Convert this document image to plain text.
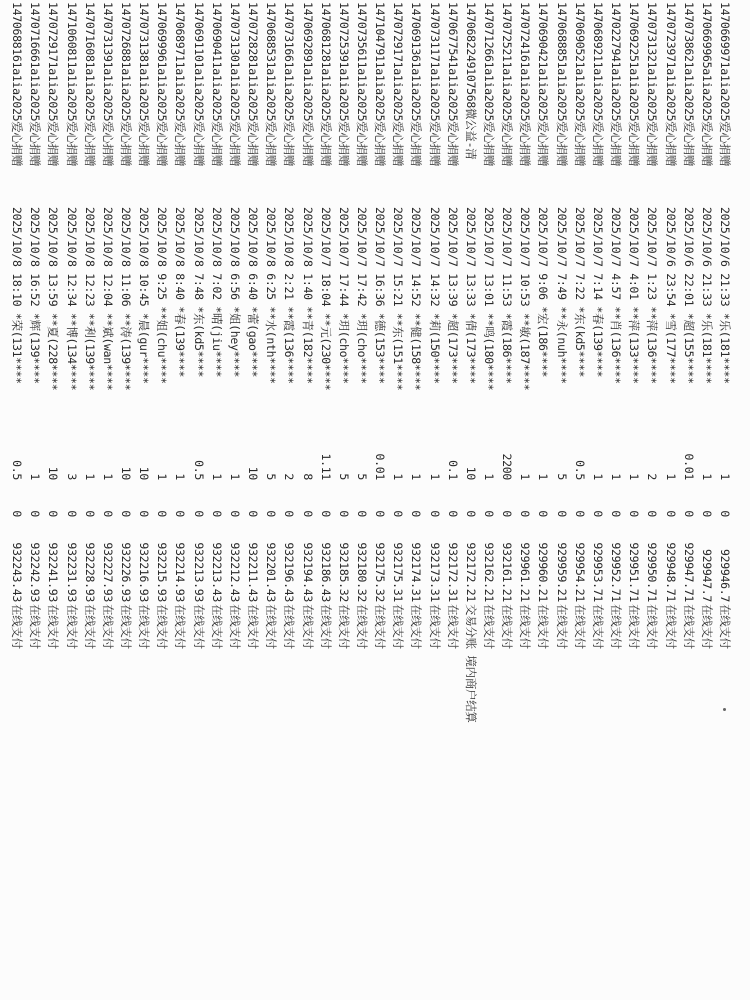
1470669971a1ia2025爱心捐赠
2025/10/6 21:33 *乐(181****
1
0
929946.7
在线支付
1470669965a1ia2025爱心捐赠
2025/10/6 21:33 *乐(181****
1
0
929947.7
在线支付
1470738621a1ia2025爱心捐赠
2025/10/6 22:01 *超(155****
0.01
0
929947.71
在线支付
1470723971a1ia2025爱心捐赠
2025/10/6 23:54 *雪(177****
1
0
929948.71
在线支付
1470731321a1ia2025爱心捐赠
2025/10/7 1:23 **萍(136****
2
0
929950.71
在线支付
1470692251a1ia2025爱心捐赠
2025/10/7 4:01 **萍(133****
1
0
929951.71
在线支付
1470227941a1ia2025爱心捐赠
2025/10/7 4:57 **肖(136****
1
0
929952.71
在线支付
1470689211a1ia2025爱心捐赠
2025/10/7 7:14 *春(139****
1
0
929953.71
在线支付
1470690521a1ia2025爱心捐赠
2025/10/7 7:22 *东(kd5****
0.5
0
929954.21
在线支付
1470688851a1ia2025爱心捐赠
2025/10/7 7:49 **永(nuh****
5
0
929959.21
在线支付
1470690421a1ia2025爱心捐赠
2025/10/7 9:06 *宏(186****
1
0
929960.21
在线支付
1470724161a1ia2025爱心捐赠
2025/10/7 10:53 **敏(187****
1
0
929961.21
在线支付
1470725211a1ia2025爱心捐赠
2025/10/7 11:53 *霞(186****
2200
0
932161.21
在线支付
1470712661a1ia2025爱心捐赠
2025/10/7 13:01 **鸣(180****
1
0
932162.21
在线支付
1470682249107568微公益-清
2025/10/7 13:33 *倩(173****
10
0
932172.21
交易分账 境内商户结算
1470677541a1ia2025爱心捐赠
2025/10/7 13:39 *超(173****
0.1
0
932172.31
在线支付
1470731171a1ia2025爱心捐赠
2025/10/7 14:32 *莉(150****
1
0
932173.31
在线支付
1470691361a1ia2025爱心捐赠
2025/10/7 14:52 **健(158****
1
0
932174.31
在线支付
1470729171a1ia2025爱心捐赠
2025/10/7 15:21 **东(151****
1
0
932175.31
在线支付
1471047911a1ia2025爱心捐赠
2025/10/7 16:36 *德(153****
0.01
0
932175.32
在线支付
1470735611a1ia2025爱心捐赠
2025/10/7 17:42 *玥(cho****
5
0
932180.32
在线支付
1470725391a1ia2025爱心捐赠
2025/10/7 17:44 *玥(cho****
5
0
932185.32
在线支付
1470681281a1ia2025爱心捐赠
2025/10/7 18:04 **元(230****
1.11
0
932186.43
在线支付
1470692891a1ia2025爱心捐赠
2025/10/8 1:40 **青(182****
8
0
932194.43
在线支付
1470731661a1ia2025爱心捐赠
2025/10/8 2:21 **霞(136****
2
0
932196.43
在线支付
1470688531a1ia2025爱心捐赠
2025/10/8 6:25 **水(nth****
5
0
932201.43
在线支付
1470728281a1ia2025爱心捐赠
2025/10/8 6:40 *蕾(gao****
10
0
932211.43
在线支付
1470731301a1ia2025爱心捐赠
2025/10/8 6:56 *姐(hey****
1
0
932212.43
在线支付
1470690411a1ia2025爱心捐赠
2025/10/8 7:02 *晴(jiu****
1
0
932213.43
在线支付
1470691101a1ia2025爱心捐赠
2025/10/8 7:48 *东(kd5****
0.5
0
932213.93
在线支付
1470689711a1ia2025爱心捐赠
2025/10/8 8:40 *春(139****
1
0
932214.93
在线支付
1470699961a1ia2025爱心捐赠
2025/10/8 9:25 **姐(chu****
1
0
932215.93
在线支付
1470731381a1ia2025爱心捐赠
2025/10/8 10:45 *晨(gur****
10
0
932216.93
在线支付
1470726881a1ia2025爱心捐赠
2025/10/8 11:06 **涛(139****
10
0
932226.93
在线支付
1470731391a1ia2025爱心捐赠
2025/10/8 12:04 **斌(wan****
1
0
932227.93
在线支付
1470716081a1ia2025爱心捐赠
2025/10/8 12:23 **利(139****
1
0
932228.93
在线支付
1471060811a1ia2025爱心捐赠
2025/10/8 12:34 **博(134****
3
0
932231.93
在线支付
1470729171a1ia2025爱心捐赠
2025/10/8 13:59 **夏(228****
10
0
932241.93
在线支付
1470716661a1ia2025爱心捐赠
2025/10/8 16:52 *辉(139****
1
0
932242.93
在线支付
1470688161a1ia2025爱心捐赠
2025/10/8 18:10 *荣(131****
0.5
0
932243.43
在线支付
